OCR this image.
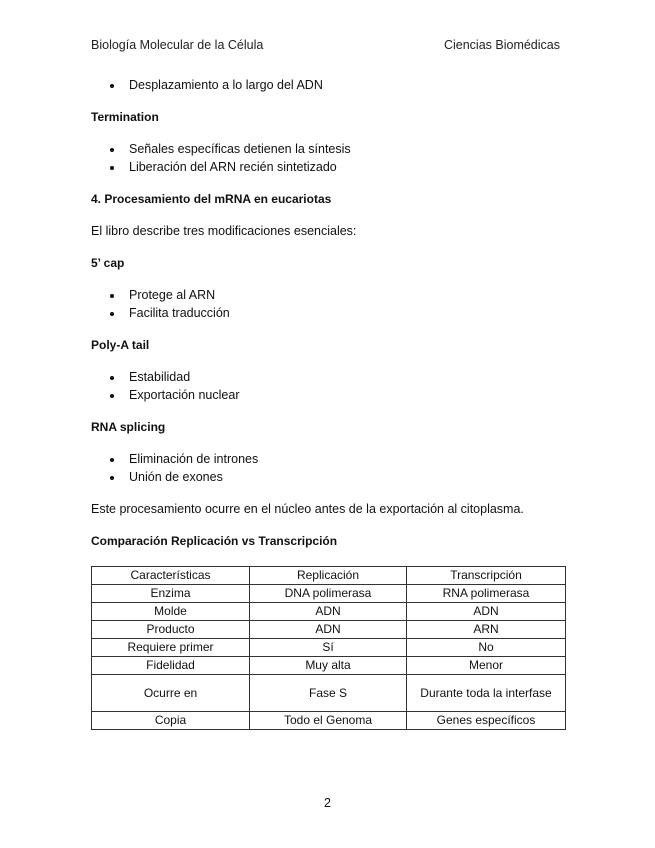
Biología Molecular de la Célula	Ciencias Biomédicas
Desplazamiento a lo largo del ADN
Termination
Señales específicas detienen la síntesis
Liberación del ARN recién sintetizado
4. Procesamiento del mRNA en eucariotas
El libro describe tres modificaciones esenciales:
5’ cap
Protege al ARN
Facilita traducción
Poly-A tail
Estabilidad
Exportación nuclear
RNA splicing
Eliminación de intrones
Unión de exones
Este procesamiento ocurre en el núcleo antes de la exportación al citoplasma.
Comparación Replicación vs Transcripción
Características	Replicación	Transcripción
Enzima	DNA polimerasa	RNA polimerasa
Molde	ADN	ADN
Producto	ADN	ARN
Requiere primer	Sí	No
Fidelidad	Muy alta	Menor
Ocurre en	Fase S	Durante toda la interfase
Copia	Todo el Genoma	Genes específicos
2
